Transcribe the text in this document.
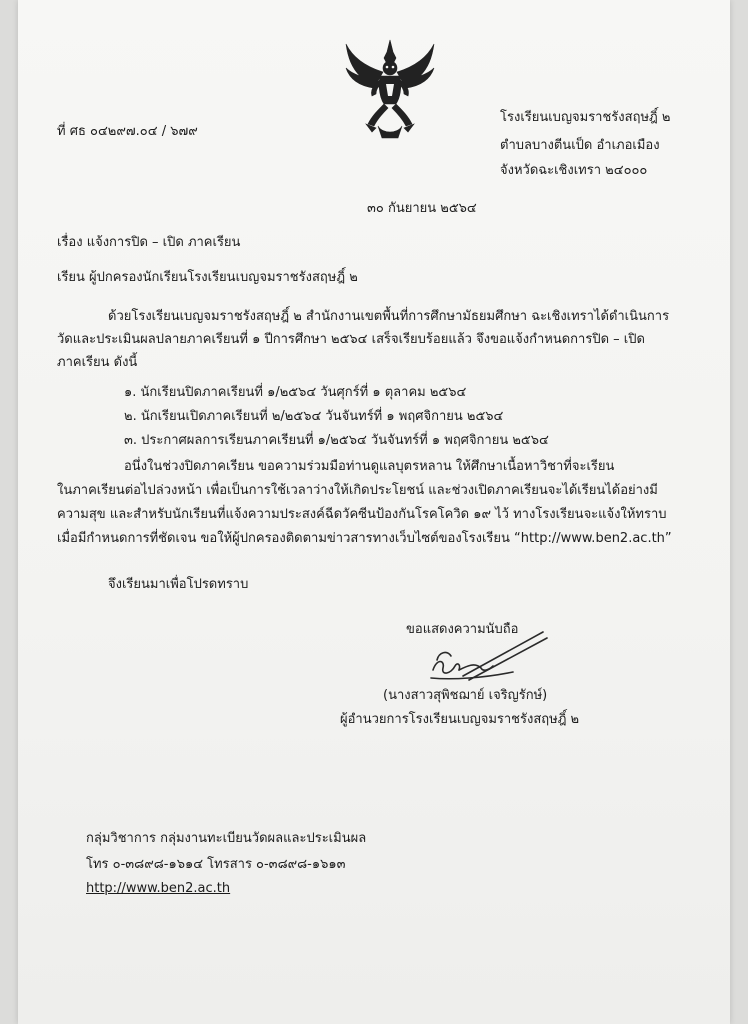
ที่ ศธ ๐๔๒๙๗.๐๔ / ๖๗๙
โรงเรียนเบญจมราชรังสฤษฎิ์ ๒
ตำบลบางตีนเป็ด อำเภอเมือง
จังหวัดฉะเชิงเทรา ๒๔๐๐๐
๓๐ กันยายน ๒๕๖๔
เรื่อง แจ้งการปิด – เปิด ภาคเรียน
เรียน ผู้ปกครองนักเรียนโรงเรียนเบญจมราชรังสฤษฎิ์ ๒
ด้วยโรงเรียนเบญจมราชรังสฤษฎิ์ ๒ สำนักงานเขตพื้นที่การศึกษามัธยมศึกษา ฉะเชิงเทราได้ดำเนินการ
วัดและประเมินผลปลายภาคเรียนที่ ๑ ปีการศึกษา ๒๕๖๔ เสร็จเรียบร้อยแล้ว จึงขอแจ้งกำหนดการปิด – เปิด
ภาคเรียน ดังนี้
๑. นักเรียนปิดภาคเรียนที่ ๑/๒๕๖๔ วันศุกร์ที่ ๑ ตุลาคม ๒๕๖๔
๒. นักเรียนเปิดภาคเรียนที่ ๒/๒๕๖๔ วันจันทร์ที่ ๑ พฤศจิกายน ๒๕๖๔
๓. ประกาศผลการเรียนภาคเรียนที่ ๑/๒๕๖๔ วันจันทร์ที่ ๑ พฤศจิกายน ๒๕๖๔
อนึ่งในช่วงปิดภาคเรียน ขอความร่วมมือท่านดูแลบุตรหลาน ให้ศึกษาเนื้อหาวิชาที่จะเรียน
ในภาคเรียนต่อไปล่วงหน้า เพื่อเป็นการใช้เวลาว่างให้เกิดประโยชน์ และช่วงเปิดภาคเรียนจะได้เรียนได้อย่างมี
ความสุข และสำหรับนักเรียนที่แจ้งความประสงค์ฉีดวัคซีนป้องกันโรคโควิด ๑๙ ไว้ ทางโรงเรียนจะแจ้งให้ทราบ
เมื่อมีกำหนดการที่ชัดเจน ขอให้ผู้ปกครองติดตามข่าวสารทางเว็บไซต์ของโรงเรียน “http://www.ben2.ac.th”
จึงเรียนมาเพื่อโปรดทราบ
ขอแสดงความนับถือ
(นางสาวสุพิชฌาย์ เจริญรักษ์)
ผู้อำนวยการโรงเรียนเบญจมราชรังสฤษฎิ์ ๒
กลุ่มวิชาการ กลุ่มงานทะเบียนวัดผลและประเมินผล
โทร ๐-๓๘๙๘-๑๖๑๔ โทรสาร ๐-๓๘๙๘-๑๖๑๓
http://www.ben2.ac.th
